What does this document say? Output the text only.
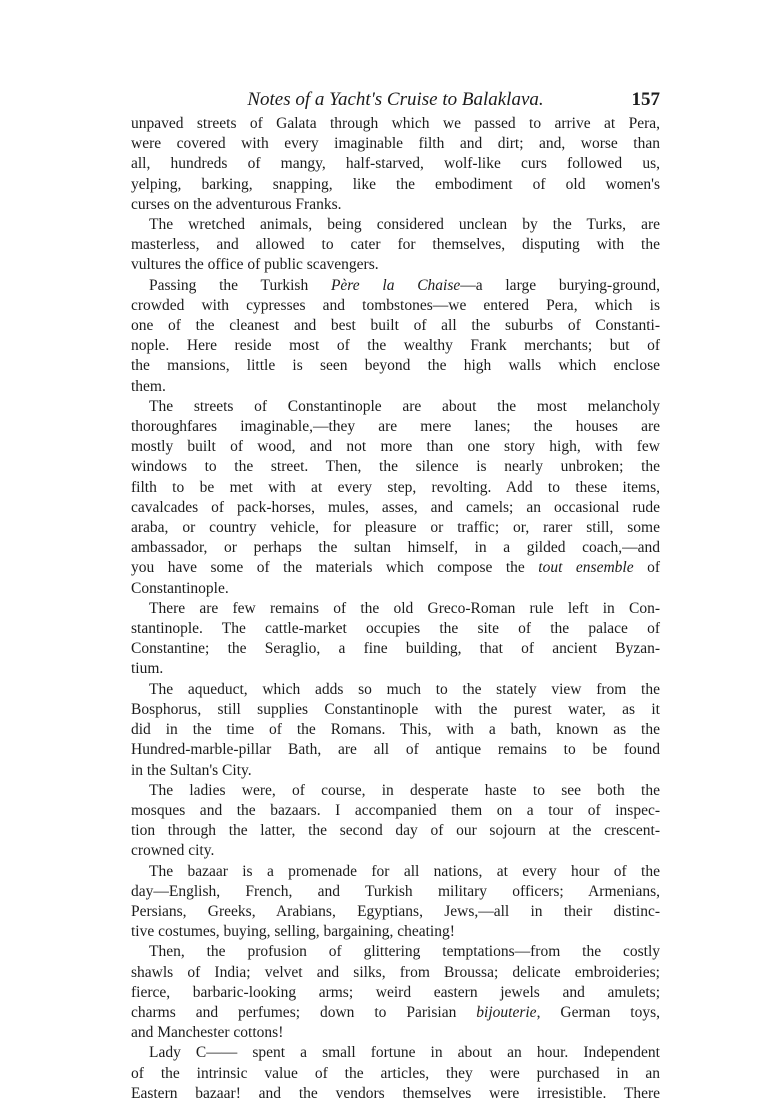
Notes of a Yacht's Cruise to Balaklava.	157
unpaved streets of Galata through which we passed to arrive at Pera,
were covered with every imaginable filth and dirt; and, worse than
all, hundreds of mangy, half-starved, wolf-like curs followed us,
yelping, barking, snapping, like the embodiment of old women's
curses on the adventurous Franks.
The wretched animals, being considered unclean by the Turks, are
masterless, and allowed to cater for themselves, disputing with the
vultures the office of public scavengers.
Passing the Turkish Père la Chaise—a large burying-ground,
crowded with cypresses and tombstones—we entered Pera, which is
one of the cleanest and best built of all the suburbs of Constanti-
nople. Here reside most of the wealthy Frank merchants; but of
the mansions, little is seen beyond the high walls which enclose
them.
The streets of Constantinople are about the most melancholy
thoroughfares imaginable,—they are mere lanes; the houses are
mostly built of wood, and not more than one story high, with few
windows to the street. Then, the silence is nearly unbroken; the
filth to be met with at every step, revolting. Add to these items,
cavalcades of pack-horses, mules, asses, and camels; an occasional rude
araba, or country vehicle, for pleasure or traffic; or, rarer still, some
ambassador, or perhaps the sultan himself, in a gilded coach,—and
you have some of the materials which compose the tout ensemble of
Constantinople.
There are few remains of the old Greco-Roman rule left in Con-
stantinople. The cattle-market occupies the site of the palace of
Constantine; the Seraglio, a fine building, that of ancient Byzan-
tium.
The aqueduct, which adds so much to the stately view from the
Bosphorus, still supplies Constantinople with the purest water, as it
did in the time of the Romans. This, with a bath, known as the
Hundred-marble-pillar Bath, are all of antique remains to be found
in the Sultan's City.
The ladies were, of course, in desperate haste to see both the
mosques and the bazaars. I accompanied them on a tour of inspec-
tion through the latter, the second day of our sojourn at the crescent-
crowned city.
The bazaar is a promenade for all nations, at every hour of the
day—English, French, and Turkish military officers; Armenians,
Persians, Greeks, Arabians, Egyptians, Jews,—all in their distinc-
tive costumes, buying, selling, bargaining, cheating!
Then, the profusion of glittering temptations—from the costly
shawls of India; velvet and silks, from Broussa; delicate embroideries;
fierce, barbaric-looking arms; weird eastern jewels and amulets;
charms and perfumes; down to Parisian bijouterie, German toys,
and Manchester cottons!
Lady C—— spent a small fortune in about an hour. Independent
of the intrinsic value of the articles, they were purchased in an
Eastern bazaar! and the vendors themselves were irresistible. There
